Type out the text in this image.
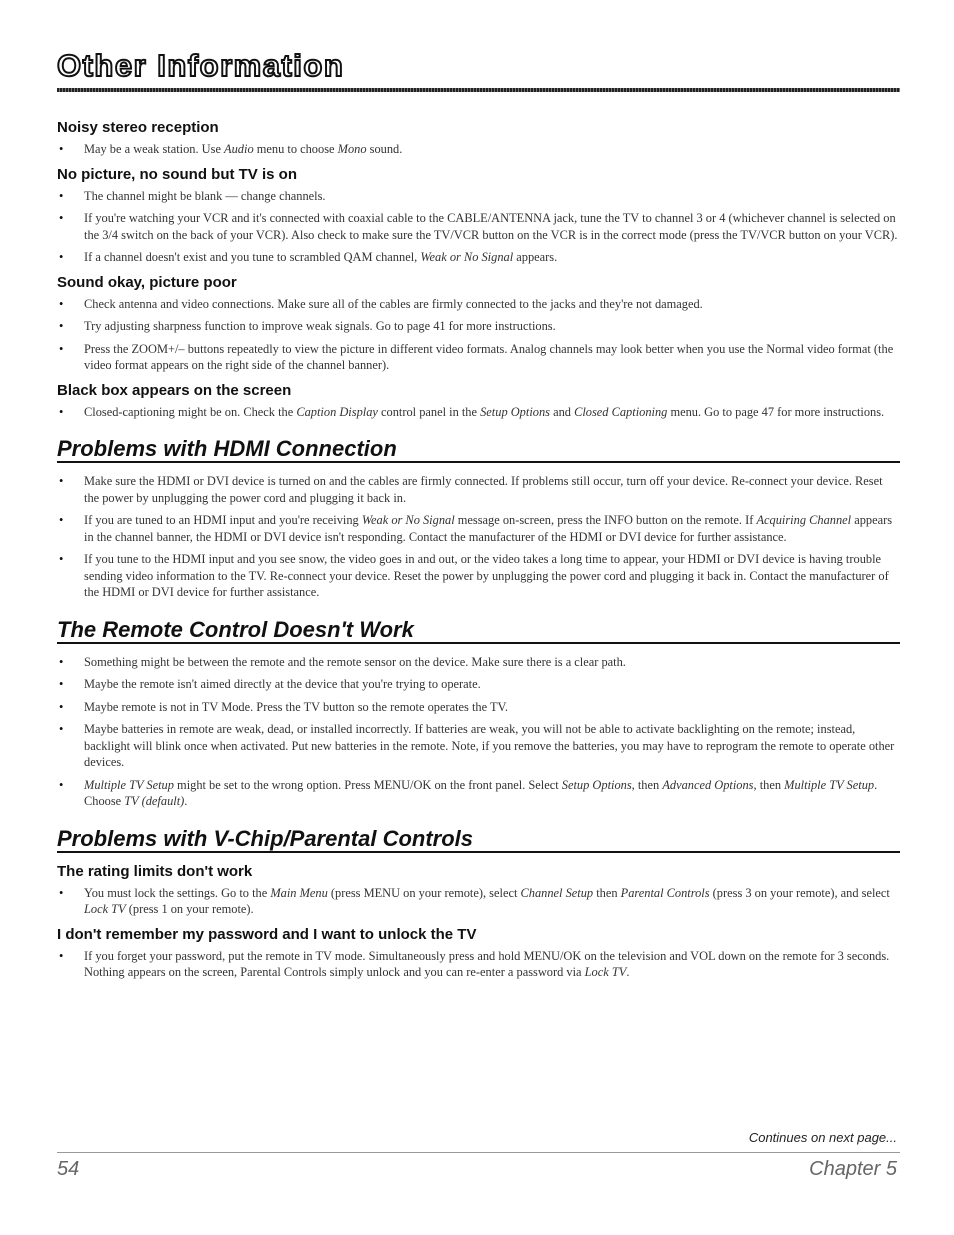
Other Information
Noisy stereo reception
• May be a weak station. Use Audio menu to choose Mono sound.
No picture, no sound but TV is on
• The channel might be blank — change channels.
• If you're watching your VCR and it's connected with coaxial cable to the CABLE/ANTENNA jack, tune the TV to channel 3 or 4 (whichever channel is selected on the 3/4 switch on the back of your VCR). Also check to make sure the TV/VCR button on the VCR is in the correct mode (press the TV/VCR button on your VCR).
• If a channel doesn't exist and you tune to scrambled QAM channel, Weak or No Signal appears.
Sound okay, picture poor
• Check antenna and video connections. Make sure all of the cables are firmly connected to the jacks and they're not damaged.
• Try adjusting sharpness function to improve weak signals. Go to page 41 for more instructions.
• Press the ZOOM+/– buttons repeatedly to view the picture in different video formats. Analog channels may look better when you use the Normal video format (the video format appears on the right side of the channel banner).
Black box appears on the screen
• Closed-captioning might be on. Check the Caption Display control panel in the Setup Options and Closed Captioning menu. Go to page 47 for more instructions.
Problems with HDMI Connection
• Make sure the HDMI or DVI device is turned on and the cables are firmly connected. If problems still occur, turn off your device. Re-connect your device. Reset the power by unplugging the power cord and plugging it back in.
• If you are tuned to an HDMI input and you're receiving Weak or No Signal message on-screen, press the INFO button on the remote. If Acquiring Channel appears in the channel banner, the HDMI or DVI device isn't responding. Contact the manufacturer of the HDMI or DVI device for further assistance.
• If you tune to the HDMI input and you see snow, the video goes in and out, or the video takes a long time to appear, your HDMI or DVI device is having trouble sending video information to the TV. Re-connect your device. Reset the power by unplugging the power cord and plugging it back in. Contact the manufacturer of the HDMI or DVI device for further assistance.
The Remote Control Doesn't Work
• Something might be between the remote and the remote sensor on the device. Make sure there is a clear path.
• Maybe the remote isn't aimed directly at the device that you're trying to operate.
• Maybe remote is not in TV Mode. Press the TV button so the remote operates the TV.
• Maybe batteries in remote are weak, dead, or installed incorrectly. If batteries are weak, you will not be able to activate backlighting on the remote; instead, backlight will blink once when activated. Put new batteries in the remote. Note, if you remove the batteries, you may have to reprogram the remote to operate other devices.
• Multiple TV Setup might be set to the wrong option. Press MENU/OK on the front panel. Select Setup Options, then Advanced Options, then Multiple TV Setup. Choose TV (default).
Problems with V-Chip/Parental Controls
The rating limits don't work
• You must lock the settings. Go to the Main Menu (press MENU on your remote), select Channel Setup then Parental Controls (press 3 on your remote), and select Lock TV (press 1 on your remote).
I don't remember my password and I want to unlock the TV
• If you forget your password, put the remote in TV mode. Simultaneously press and hold MENU/OK on the television and VOL down on the remote for 3 seconds. Nothing appears on the screen, Parental Controls simply unlock and you can re-enter a password via Lock TV.
Continues on next page...
54	Chapter 5
